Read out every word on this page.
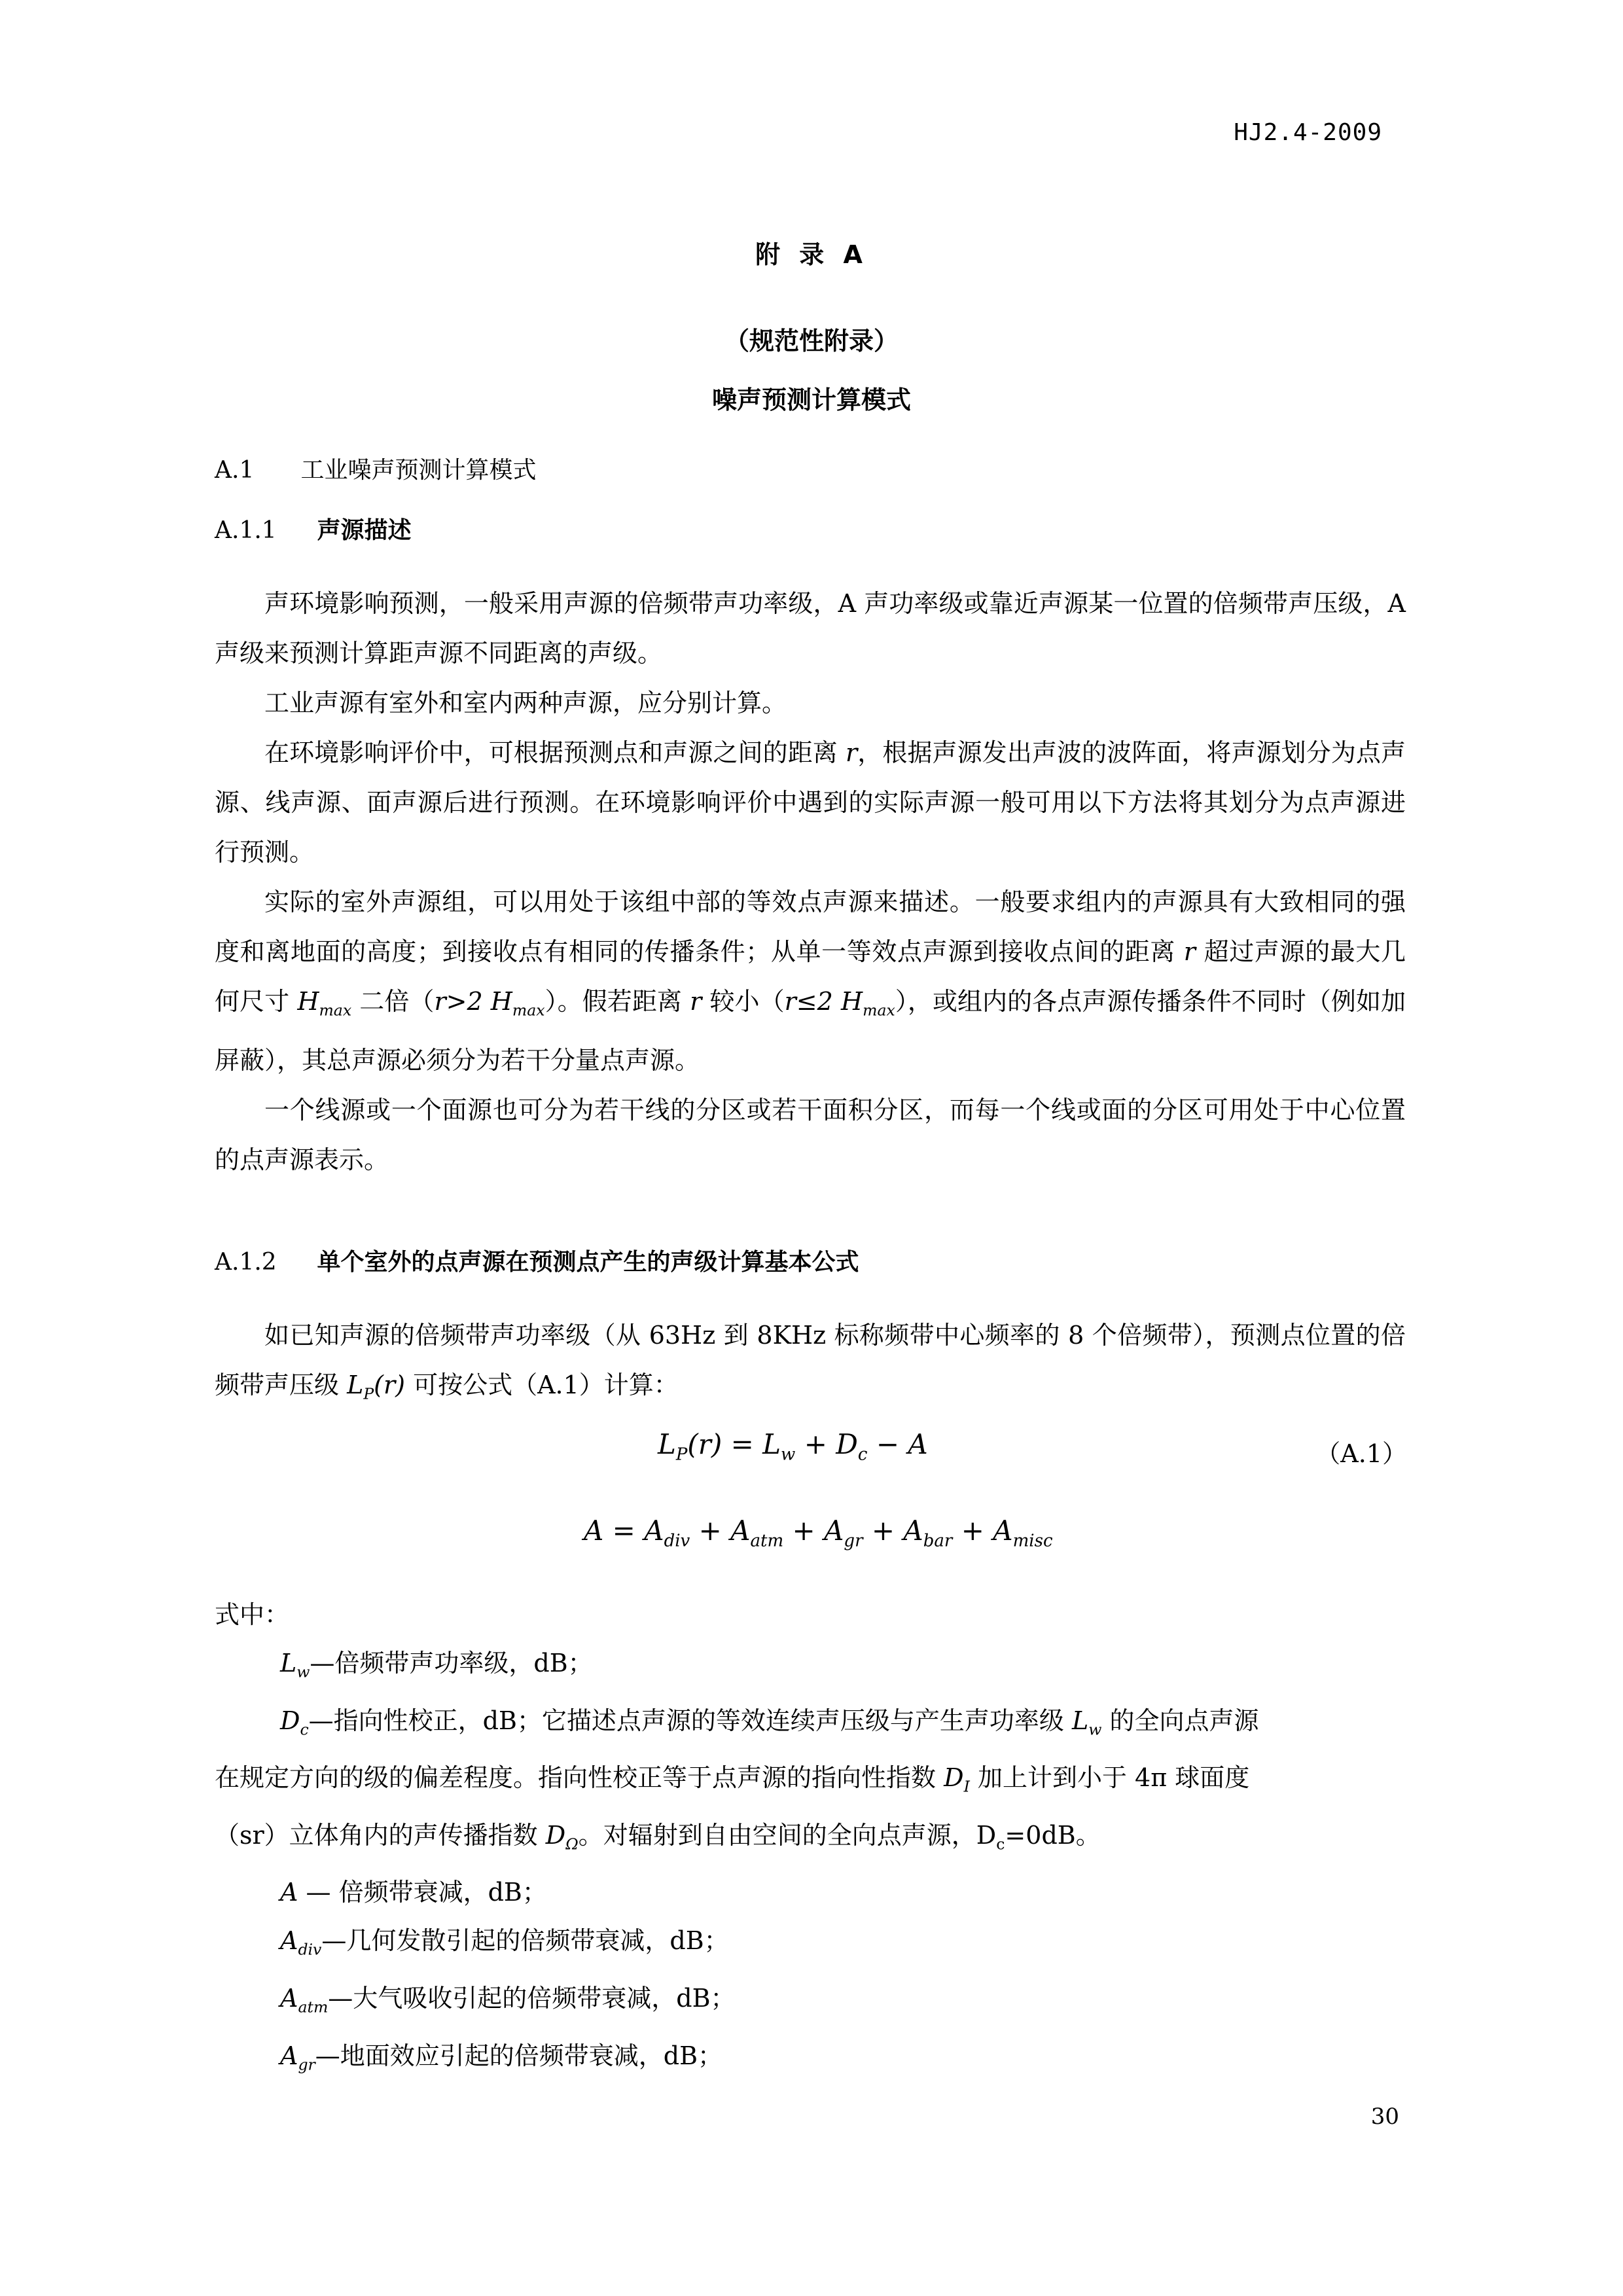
HJ2.4-2009
附 录 A
（规范性附录）
噪声预测计算模式
A.1 工业噪声预测计算模式
A.1.1 声源描述

声环境影响预测，一般采用声源的倍频带声功率级，A 声功率级或靠近声源某一位置的倍频带声压级，A 声级来预测计算距声源不同距离的声级。

工业声源有室外和室内两种声源，应分别计算。

在环境影响评价中，可根据预测点和声源之间的距离 r，根据声源发出声波的波阵面，将声源划分为点声源、线声源、面声源后进行预测。在环境影响评价中遇到的实际声源一般可用以下方法将其划分为点声源进行预测。

实际的室外声源组，可以用处于该组中部的等效点声源来描述。一般要求组内的声源具有大致相同的强度和离地面的高度；到接收点有相同的传播条件；从单一等效点声源到接收点间的距离 r 超过声源的最大几何尺寸 $H_{max}$ 二倍（r>2 $H_{max}$）。假若距离 r 较小（r≤2 $H_{max}$），或组内的各点声源传播条件不同时（例如加屏蔽），其总声源必须分为若干分量点声源。

一个线源或一个面源也可分为若干线的分区或若干面积分区，而每一个线或面的分区可用处于中心位置的点声源表示。

A.1.2 单个室外的点声源在预测点产生的声级计算基本公式

如已知声源的倍频带声功率级（从 63Hz 到 8KHz 标称频带中心频率的 8 个倍频带），预测点位置的倍频带声压级 $L_P(r)$ 可按公式（A.1）计算：

$L_P(r) = L_w + D_c - A$	（A.1）
$A = A_{div} + A_{atm} + A_{gr} + A_{bar} + A_{misc}$

式中：

$L_w—$倍频带声功率级，dB；

$D_c—$指向性校正，dB；它描述点声源的等效连续声压级与产生声功率级 $L_w$ 的全向点声源

在规定方向的级的偏差程度。指向性校正等于点声源的指向性指数 $D_I$ 加上计到小于 4π 球面度

（sr）立体角内的声传播指数 $D_\Omega$。对辐射到自由空间的全向点声源，$D_c=0dB$。

A — 倍频带衰减，dB；

$A_{div}—$几何发散引起的倍频带衰减，dB；

$A_{atm}—$大气吸收引起的倍频带衰减，dB；

$A_{gr}—$地面效应引起的倍频带衰减，dB；

30
